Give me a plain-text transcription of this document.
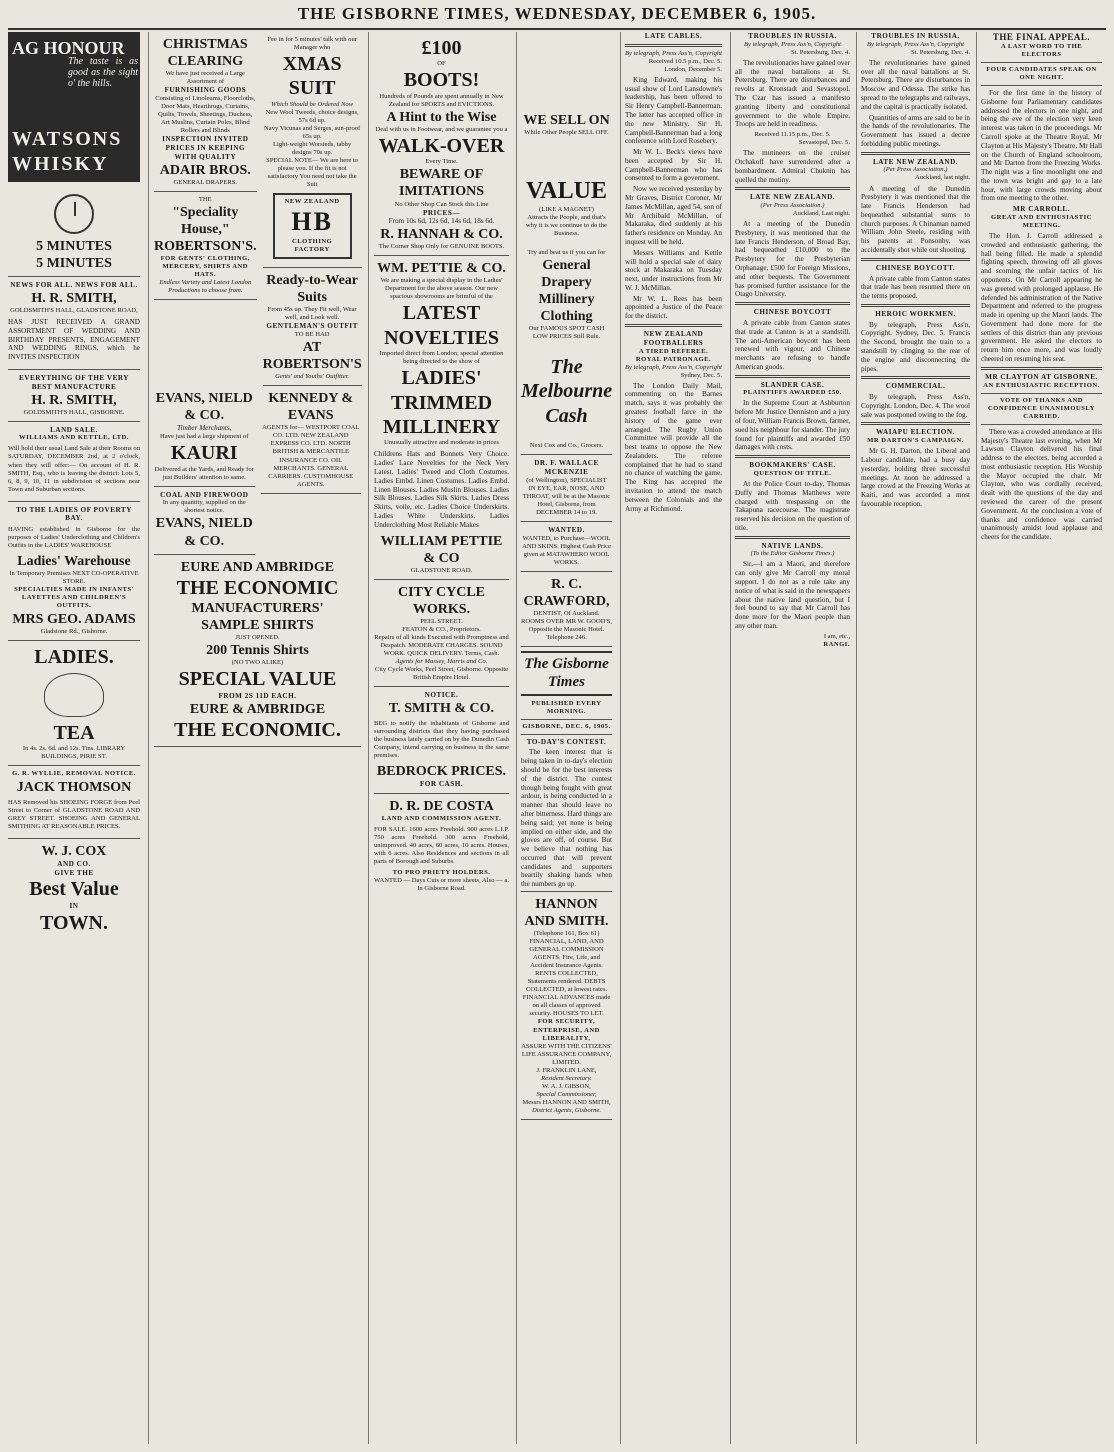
THE GISBORNE TIMES, WEDNESDAY, DECEMBER 6, 1905.
AG HONOUR
The taste is as good as the sight o' the hills.
WATSONS WHISKY
5 MINUTES
5 MINUTES
NEWS FOR ALL. NEWS FOR ALL.
H. R. SMITH,
GOLDSMITH'S HALL, GLADSTONE ROAD,
HAS JUST RECEIVED A GRAND ASSORTMENT OF WEDDING AND BIRTHDAY PRESENTS, ENGAGEMENT AND WEDDING RINGS, which he INVITES INSPECTION
EVERYTHING OF THE VERY BEST MANUFACTURE
H. R. SMITH,
GOLDSMITH'S HALL, GISBORNE.
LAND SALE.
WILLIAMS AND KETTLE, LTD.
Will hold their usual Land Sale at their Rooms on SATURDAY, DECEMBER 2nd, at 2 o'clock, when they will offer:— On account of H. R. SMITH, Esq., who is leaving the district: Lots 5, 6, 8, 9, 10, 11 in subdivision of sections near Town and Suburban sections.
TO THE LADIES OF POVERTY BAY.
HAVING established in Gisborne for the purposes of Ladies' Underclothing and Children's Outfits in the LADIES' WAREHOUSE
Ladies' Warehouse
In Temporary Premises NEXT CO-OPERATIVE STORE.
SPECIALTIES MADE IN INFANTS' LAYETTES AND CHILDREN'S OUTFITS.
MRS GEO. ADAMS
Gladstone Rd., Gisborne.
LADIES.
TEA
In 4s. 2s. 6d. and 12s. Tins. LIBRARY BUILDINGS, PIRIE ST.
G. R. WYLLIE, REMOVAL NOTICE.
JACK THOMSON
HAS Removed his SHOEING FORGE from Peel Street to Corner of GLADSTONE ROAD AND GREY STREET. SHOEING AND GENERAL SMITHING AT REASONABLE PRICES.
W. J. COX
AND CO.
GIVE THE
Best Value
IN
TOWN.
CHRISTMAS
CLEARING
We have just received a Large Assortment of
FURNISHING GOODS
Consisting of Linoleums, Floorcloths, Door Mats, Hearthrugs, Curtains, Quilts, Towels, Sheetings, Duchess, Art Muslins, Curtain Poles, Blind Rollers and Blinds
INSPECTION INVITED
PRICES IN KEEPING WITH QUALITY
ADAIR BROS.
GENERAL DRAPERS.
THE
"Speciality House,"
ROBERTSON'S.
FOR GENTS' CLOTHING, MERCERY, SHIRTS AND HATS.
Endless Variety and Latest London Productions to choose from.
Fee in for 5 minutes' talk with our Manager who
XMAS SUIT
Which Should be Ordered Now
New Wool Tweeds, choice designs, 57s 6d up.
Navy Vicunas and Serges, sun-proof 65s up.
Light-weight Worsteds, tabby designs 70s up.
SPECIAL NOTE— We are here to please you. If the fit is not satisfactory You need not take the Suit
NEW ZEALAND
HB
CLOTHING FACTORY
Ready-to-Wear Suits
From 45s up. They Fit well, Wear well, and Look well.
GENTLEMAN'S OUTFIT
TO BE HAD
AT ROBERTSON'S
Gents' and Youths' Outfitter.
EVANS, NIELD & CO.
Timber Merchants,
Have just had a large shipment of
KAURI
Delivered at the Yards, and Ready for just Builders' attention to same.
COAL AND FIREWOOD
In any quantity, supplied on the shortest notice.
EVANS, NIELD & CO.
KENNEDY & EVANS
AGENTS for— WESTPORT COAL CO. LTD. NEW ZEALAND EXPRESS CO. LTD. NORTH BRITISH & MERCANTILE INSURANCE CO. OIL MERCHANTS. GENERAL CARRIERS. CUSTOMHOUSE AGENTS.
EURE AND AMBRIDGE
THE ECONOMIC
MANUFACTURERS'
SAMPLE SHIRTS
JUST OPENED.
200 Tennis Shirts
(NO TWO ALIKE)
SPECIAL VALUE
FROM 2S 11D EACH.
EURE & AMBRIDGE
THE ECONOMIC.
£100
OF
BOOTS!
Hundreds of Pounds are spent annually in New Zealand for SPORTS and EVICTIONS.
A Hint to the Wise
Deal with us in Footwear, and we guarantee you a
WALK-OVER
Every Time.
BEWARE OF IMITATIONS
No Other Shop Can Stock this Line
PRICES—
From 10s 6d, 12s 6d, 14s 6d, 18s 6d.
R. HANNAH & CO.
The Corner Shop Only for GENUINE BOOTS.
WM. PETTIE & CO.
We are making a special display in the Ladies' Department for the above season. Our new spacious showrooms are brimful of the
LATEST NOVELTIES
Imported direct from London, special attention being directed to the show of
LADIES' TRIMMED MILLINERY
Unusually attractive and moderate in prices
Childrens Hats and Bonnets Very Choice. Ladies' Lace Novelties for the Neck Very Latest. Ladies' Tweed and Cloth Costumes. Ladies Embd. Linen Costumes. Ladies Embd. Linen Blouses. Ladies Muslin Blouses. Ladies Silk Blouses. Ladies Silk Skirts. Ladies Dress Skirts, voile, etc. Ladies Choice Underskirts. Ladies White Underskirts. Ladies Underclothing Most Reliable Makes
WILLIAM PETTIE & CO
GLADSTONE ROAD.
CITY CYCLE WORKS.
PEEL STREET.
FEATON & CO., Proprietors.
Repairs of all kinds Executed with Promptness and Despatch. MODERATE CHARGES. SOUND WORK. QUICK DELIVERY. Terms, Cash.
Agents for Massey, Harris and Co.
City Cycle Works, Peel Street, Gisborne. Opposite British Empire Hotel.
NOTICE.
T. SMITH & CO.
BEG to notify the inhabitants of Gisborne and surrounding districts that they having purchased the business lately carried on by the Dunedin Cash Company, intend carrying on business in the same premises.
BEDROCK PRICES.
FOR CASH.
D. R. DE COSTA
LAND AND COMMISSION AGENT.
FOR SALE. 1600 acres Freehold. 900 acres L.I.P. 750 acres Freehold. 300 acres Freehold, unimproved. 40 acres, 60 acres, 10 acres. Houses, with 6 acres. Also Residences and sections in all parts of Borough and Suburbs.
TO PRO PRIETY HOLDERS.
WANTED — Days Cuts or more sheets, Also — a. In Gisborne Road.
WE SELL ON
While Other People SELL OFF.
VALUE
(LIKE A MAGNET)
Attracts the People, and that's why it is we continue to do the Business.
Try and beat us if you can for
General Drapery
Millinery
Clothing
Our FAMOUS SPOT CASH LOW PRICES Still Rule.
The
Melbourne
Cash
Next Cox and Co., Grocers.
DR. F. WALLACE MCKENZIE
(of Wellington), SPECIALIST
IN EYE, EAR, NOSE, AND THROAT, will be at the Masonic Hotel, Gisborne, from DECEMBER 14 to 19.
WANTED.
WANTED, to Purchase—WOOL AND SKINS. Highest Cash Price given at MATAWHERO WOOL WORKS.
R. C. CRAWFORD,
DENTIST, Of Auckland.
ROOMS OVER MR W. GOOD'S, Opposite the Masonic Hotel. Telephone 246.
The Gisborne Times
PUBLISHED EVERY MORNING.
GISBORNE, DEC. 6, 1905.
TO-DAY'S CONTEST.
The keen interest that is being taken in to-day's election should be for the best interests of the district. The contest though being fought with great ardour, is being conducted in a manner that should leave no after bitterness. Hard things are being said; yet none is being implied on either side, and the gloves are off, of course. But we believe that nothing has occurred that will prevent candidates and supporters heartily shaking hands when the numbers go up.
HANNON AND SMITH.
(Telephone 161, Box 61)
FINANCIAL, LAND, AND GENERAL COMMISSION AGENTS. Fire, Life, and Accident Insurance Agents. RENTS COLLECTED, Statements rendered. DEBTS COLLECTED, at lowest rates. FINANCIAL ADVANCES made on all classes of approved security. HOUSES TO LET.
FOR SECURITY, ENTERPRISE, AND LIBERALITY,
ASSURE WITH THE CITIZENS' LIFE ASSURANCE COMPANY, LIMITED.
J. FRANKLIN LANE,
Resident Secretary.
W. A. J. GIBSON,
Special Commissioner,
Messrs HANNON AND SMITH,
District Agents, Gisborne.
LATE CABLES.
By telegraph, Press Ass'n, Copyright
Received 10.5 p.m., Dec. 5.
London, December 5.
King Edward, making his usual show of Lord Lansdowne's leadership, has been offered to Sir Henry Campbell-Bannerman. The latter has accepted office in the new Ministry. Sir H. Campbell-Bannerman had a long conference with Lord Rosebery.
Mr W. L. Beck's views have been accepted by Sir H. Campbell-Bannerman who has consented to form a government.
Now we received yesterday by Mr Graves, District Coroner, Mr James McMillan, aged 54, son of Mr Archibald McMillan, of Makaraka, died suddenly at his father's residence on Monday. An inquest will be held.
Messrs Williams and Kettle will hold a special sale of dairy stock at Makaraka on Tuesday next, under instructions from Mr W. J. McMillan.
Mr W. L. Rees has been appointed a Justice of the Peace for the district.
NEW ZEALAND FOOTBALLERS
A TIRED REFEREE.
ROYAL PATRONAGE.
By telegraph, Press Ass'n, Copyright
Sydney, Dec. 5.
The London Daily Mail, commenting on the Barnes match, says it was probably the greatest football farce in the history of the game ever arranged. The Rugby Union Committee will provide all the best teams to oppose the New Zealanders. The referee complained that he had to stand no chance of watching the game. The King has accepted the invitation to attend the match between the Colonials and the Army at Richmond.
TROUBLES IN RUSSIA.
By telegraph, Press Ass'n, Copyright
St. Petersburg, Dec. 4.
The revolutionaries have gained over all the naval battalions at St. Petersburg. There are disturbances and revolts at Kronstadt and Sevastopol. The Czar has issued a manifesto granting liberty and constitutional government to the whole Empire. Troops are held in readiness.
Received 11.15 p.m., Dec. 5.
Sevastopol, Dec. 5.
The mutineers on the cruiser Otchakoff have surrendered after a bombardment. Admiral Chuknin has quelled the mutiny.
LATE NEW ZEALAND.
(Per Press Association.)
Auckland, Last night.
At a meeting of the Dunedin Presbytery, it was mentioned that the late Francis Henderson, of Broad Bay, had bequeathed £10,000 to the Presbytery for the Presbyterian Orphanage, £500 for Foreign Missions, and other bequests. The Government has promised further assistance for the Otago University.
CHINESE BOYCOTT
A private cable from Canton states that trade at Canton is at a standstill. The anti-American boycott has been renewed with vigour, and Chinese merchants are refusing to handle American goods.
SLANDER CASE.
PLAINTIFFS AWARDED £50.
In the Supreme Court at Ashburton before Mr Justice Denniston and a jury of four, William Francis Brown, farmer, sued his neighbour for slander. The jury found for plaintiffs and awarded £50 damages with costs.
BOOKMAKERS' CASE.
QUESTION OF TITLE.
At the Police Court to-day, Thomas Duffy and Thomas Matthews were charged with trespassing on the Takapuna racecourse. The magistrate reserved his decision on the question of title.
NATIVE LANDS.
(To the Editor Gisborne Times.)
Sir,—I am a Maori, and therefore can only give Mr Carroll my moral support. I do not as a rule take any notice of what is said in the newspapers about the native land question, but I feel bound to say that Mr Carroll has done more for the Maori people than any other man.
I am, etc.,
RANGI.
TROUBLES IN RUSSIA.
By telegraph, Press Ass'n, Copyright
St. Petersburg, Dec. 4.
The revolutionaries have gained over all the naval battalions at St. Petersburg. There are disturbances in Moscow and Odessa. The strike has spread to the telegraphs and railways, and the capital is practically isolated.
Quantities of arms are said to be in the hands of the revolutionaries. The Government has issued a decree forbidding public meetings.
LATE NEW ZEALAND.
(Per Press Association.)
Auckland, last night.
A meeting of the Dunedin Presbytery it was mentioned that the late Francis Henderson had bequeathed substantial sums to church purposes. A Chinaman named William John Steele, residing with his parents at Ponsonby, was accidentally shot while out shooting.
CHINESE BOYCOTT.
A private cable from Canton states that trade has been resumed there on the terms proposed.
HEROIC WORKMEN.
By telegraph, Press Ass'n, Copyright. Sydney, Dec. 5. Francis the Second, brought the train to a standstill by clinging to the rear of the engine and disconnecting the pipes.
COMMERCIAL.
By telegraph, Press Ass'n, Copyright. London, Dec. 4. The wool sale was postponed owing to the fog.
WAIAPU ELECTION.
MR DARTON'S CAMPAIGN.
Mr G. H. Darton, the Liberal and Labour candidate, had a busy day yesterday, holding three successful meetings. At noon he addressed a large crowd at the Freezing Works at Kaiti, and was accorded a most favourable reception.
THE FINAL APPEAL.
A LAST WORD TO THE ELECTORS
FOUR CANDIDATES SPEAK ON ONE NIGHT.
For the first time in the history of Gisborne four Parliamentary candidates addressed the electors in one night, and being the eve of the election very keen interest was taken in the proceedings. Mr Carroll spoke at the Theatre Royal, Mr Clayton at His Majesty's Theatre, Mr Hall on the Church of England schoolroom, and Mr Darton from the Freezing Works. The night was a fine moonlight one and the town was bright and gay to a late hour, with large crowds moving about from one meeting to the other.
MR CARROLL.
GREAT AND ENTHUSIASTIC MEETING.
The Hon. J. Carroll addressed a crowded and enthusiastic gathering, the hall being filled. He made a splendid fighting speech, throwing off all gloves and scorning the unfair tactics of his opponents. On Mr Carroll appearing he was greeted with prolonged applause. He defended his administration of the Native Department and referred to the progress made in opening up the Maori lands. The Government had done more for the settlers of this district than any previous government. He asked the electors to return him once more, and was loudly cheered on resuming his seat.
MR CLAYTON AT GISBORNE.
AN ENTHUSIASTIC RECEPTION.
VOTE OF THANKS AND CONFIDENCE UNANIMOUSLY CARRIED.
There was a crowded attendance at His Majesty's Theatre last evening, when Mr Lawson Clayton delivered his final address to the electors, being accorded a most enthusiastic reception. His Worship the Mayor occupied the chair. Mr Clayton, who was cordially received, dealt with the questions of the day and reviewed the career of the present Government. At the conclusion a vote of thanks and confidence was carried unanimously amidst loud applause and cheers for the candidate.
